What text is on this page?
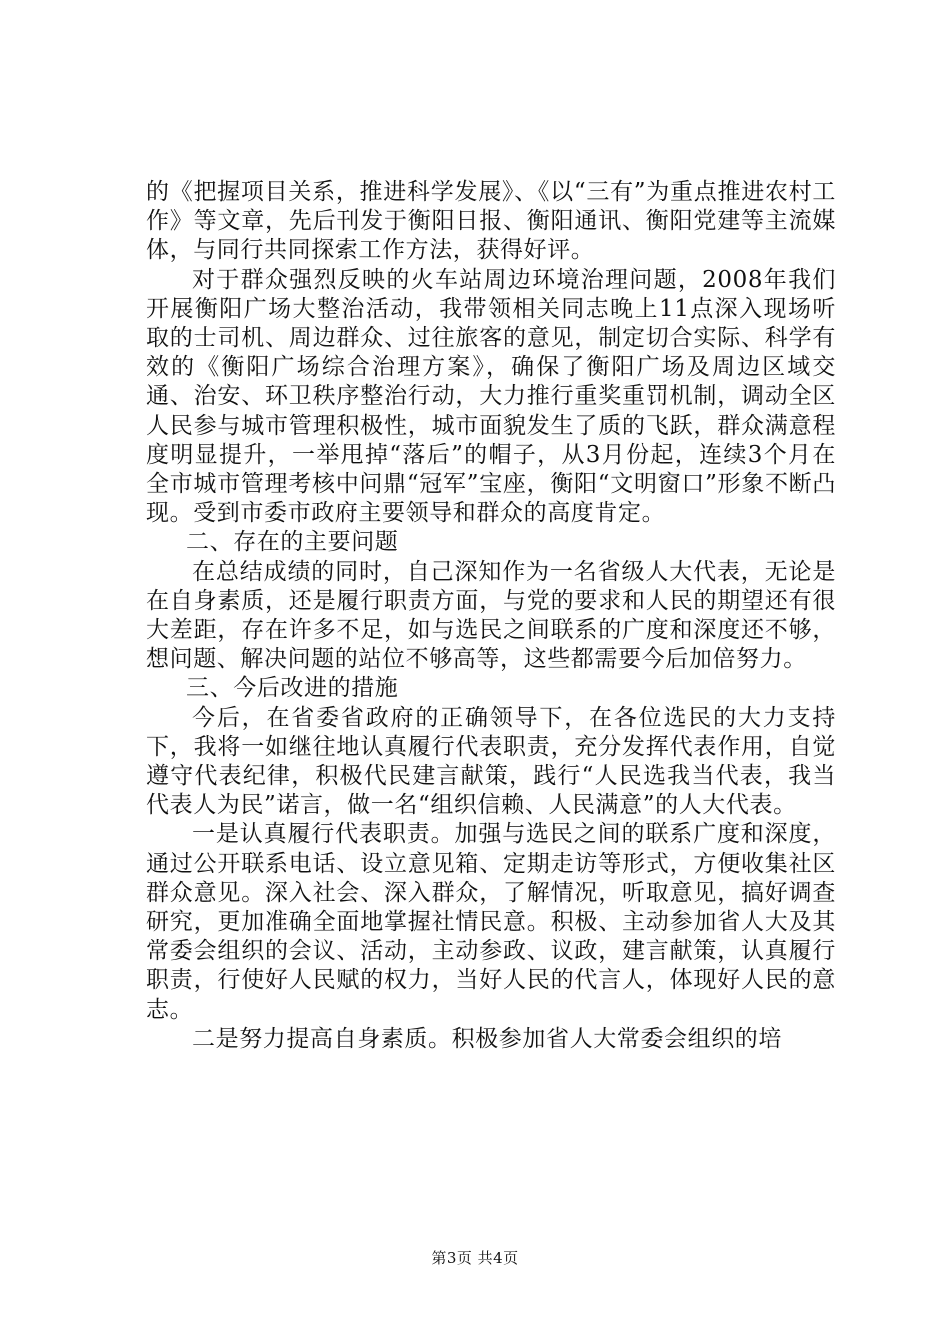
的《把握项目关系，推进科学发展》、《以“三有”为重点推进农村工作》等文章，先后刊发于衡阳日报、衡阳通讯、衡阳党建等主流媒体，与同行共同探索工作方法，获得好评。

对于群众强烈反映的火车站周边环境治理问题，2008年我们开展衡阳广场大整治活动，我带领相关同志晚上11点深入现场听取的士司机、周边群众、过往旅客的意见，制定切合实际、科学有效的《衡阳广场综合治理方案》，确保了衡阳广场及周边区域交通、治安、环卫秩序整治行动，大力推行重奖重罚机制，调动全区人民参与城市管理积极性，城市面貌发生了质的飞跃，群众满意程度明显提升，一举甩掉“落后”的帽子，从3月份起，连续3个月在全市城市管理考核中问鼎“冠军”宝座，衡阳“文明窗口”形象不断凸现。受到市委市政府主要领导和群众的高度肯定。

二、存在的主要问题

在总结成绩的同时，自己深知作为一名省级人大代表，无论是在自身素质，还是履行职责方面，与党的要求和人民的期望还有很大差距，存在许多不足，如与选民之间联系的广度和深度还不够，想问题、解决问题的站位不够高等，这些都需要今后加倍努力。

三、今后改进的措施

今后，在省委省政府的正确领导下，在各位选民的大力支持下，我将一如继往地认真履行代表职责，充分发挥代表作用，自觉遵守代表纪律，积极代民建言献策，践行“人民选我当代表，我当代表人为民”诺言，做一名“组织信赖、人民满意”的人大代表。

一是认真履行代表职责。加强与选民之间的联系广度和深度，通过公开联系电话、设立意见箱、定期走访等形式，方便收集社区群众意见。深入社会、深入群众，了解情况，听取意见，搞好调查研究，更加准确全面地掌握社情民意。积极、主动参加省人大及其常委会组织的会议、活动，主动参政、议政，建言献策，认真履行职责，行使好人民赋的权力，当好人民的代言人，体现好人民的意志。

二是努力提高自身素质。积极参加省人大常委会组织的培

第3页 共4页
